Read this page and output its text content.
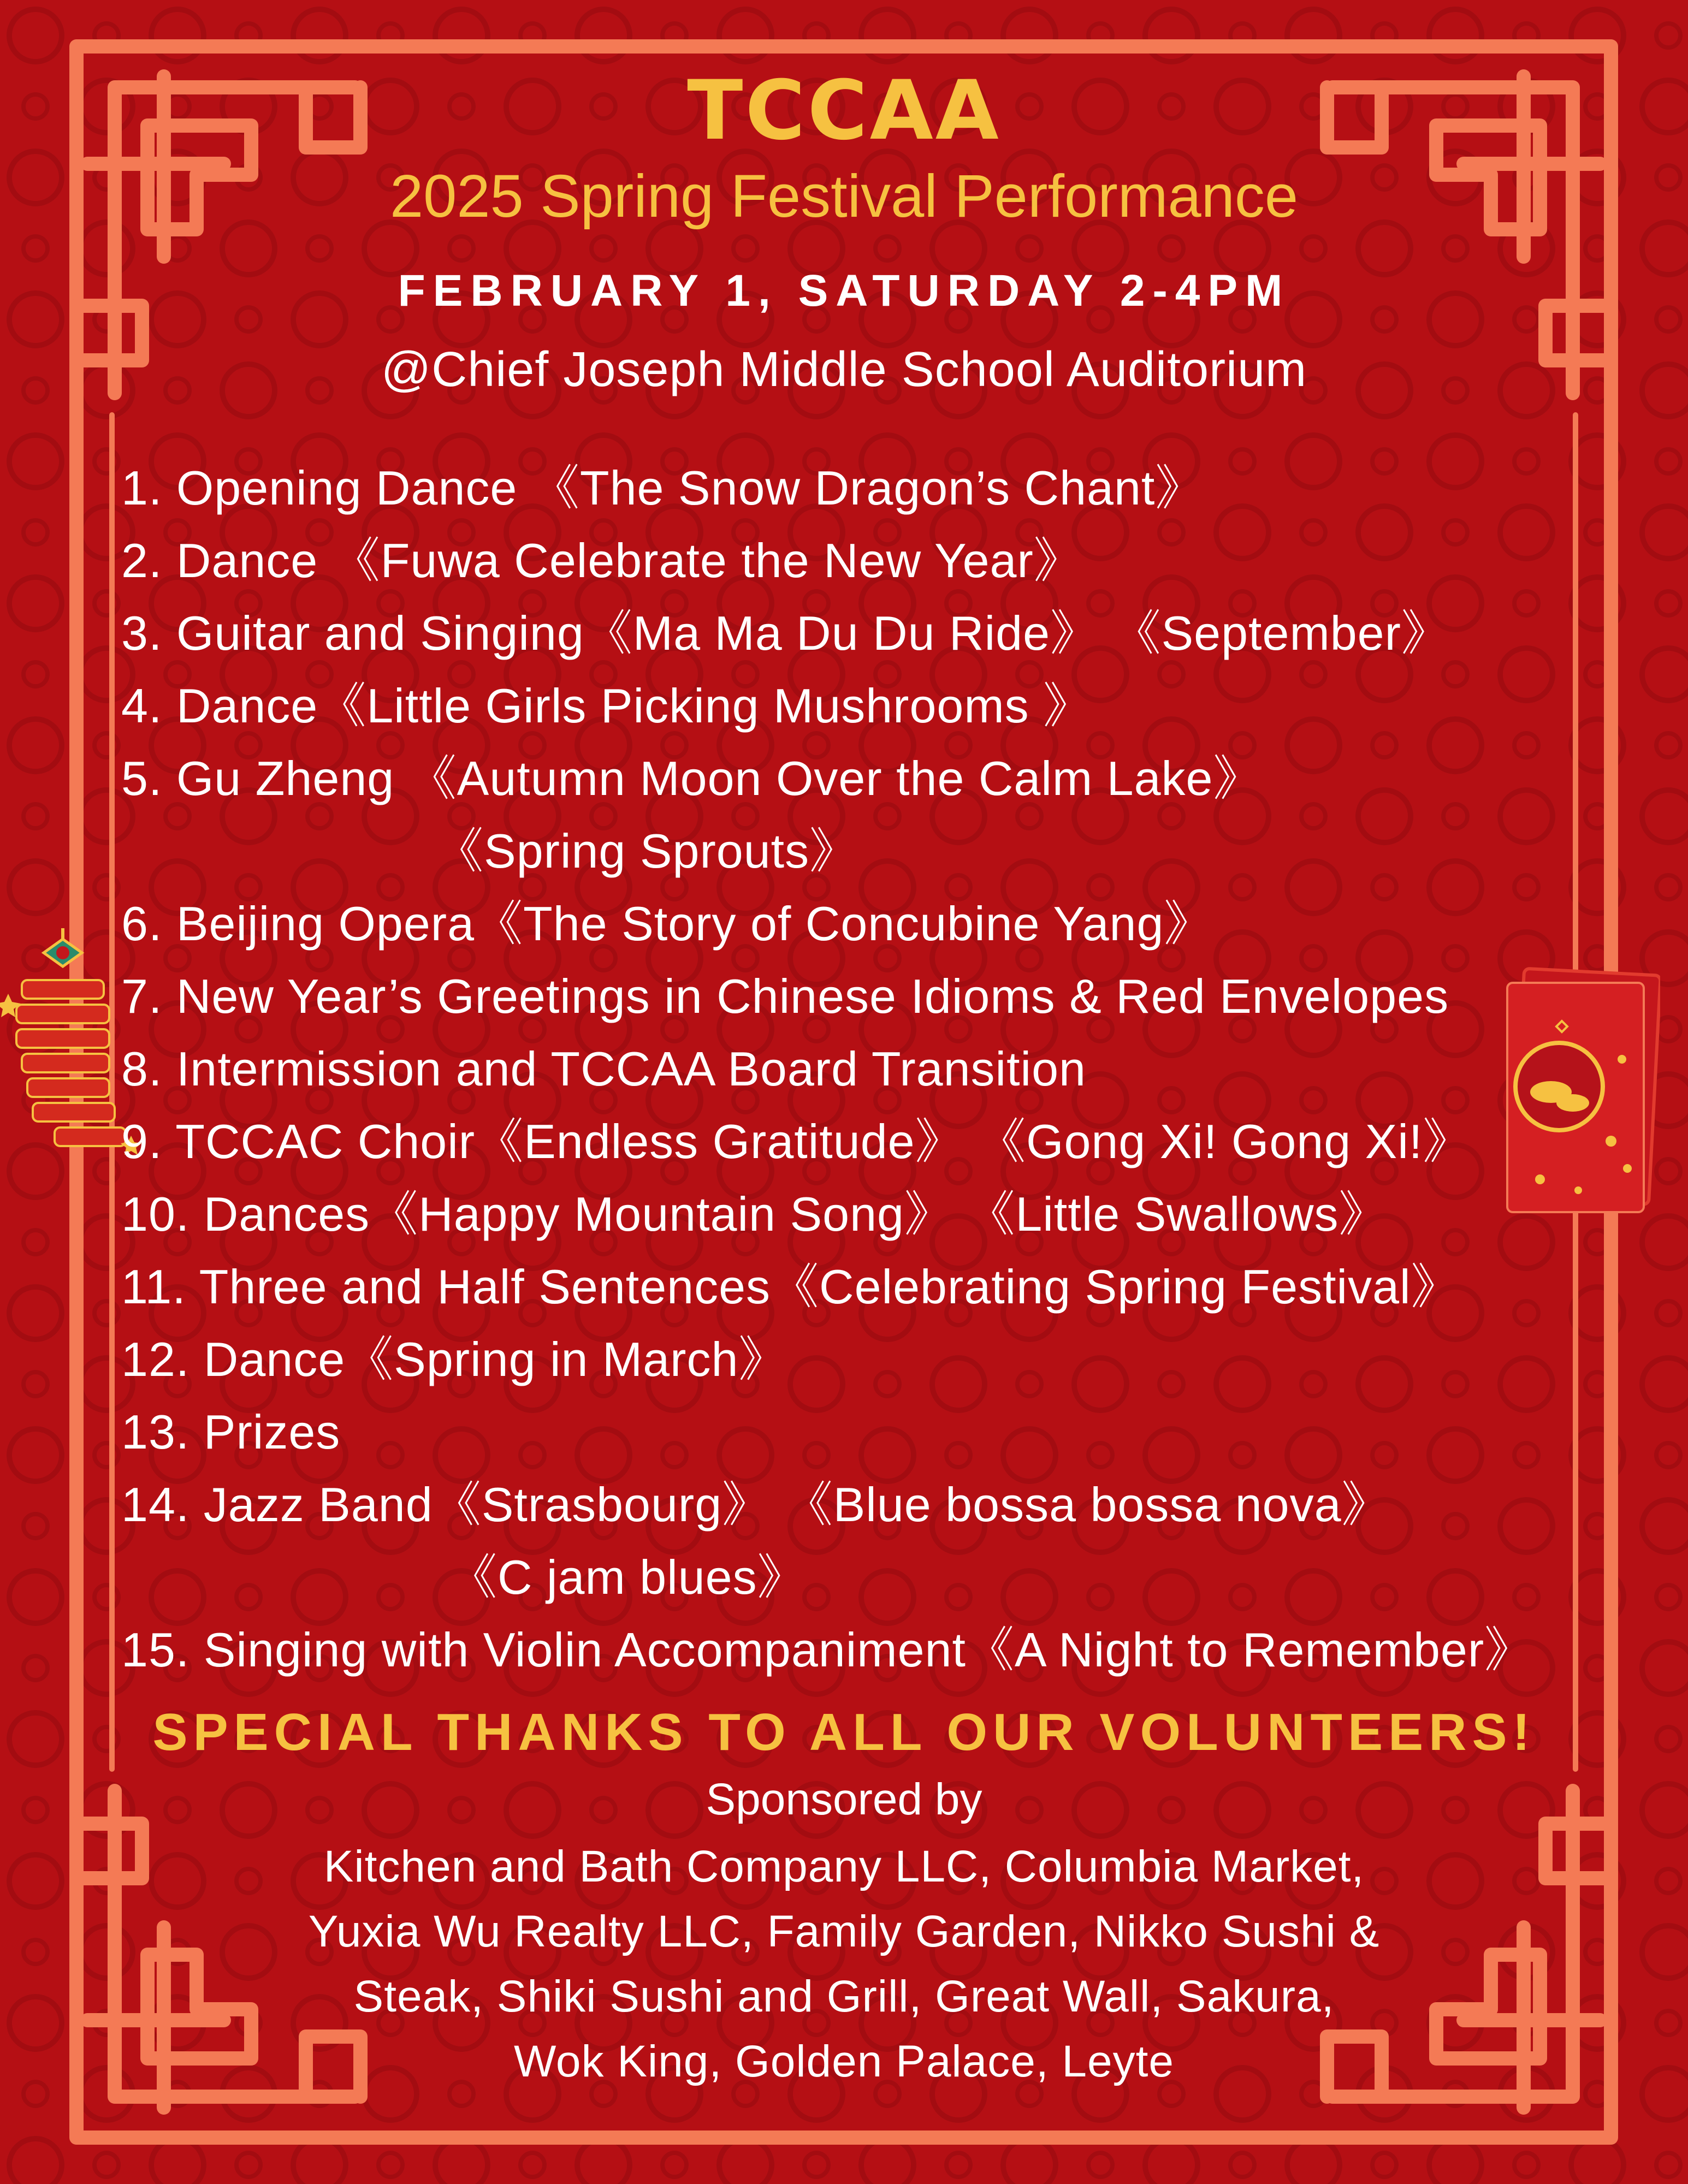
TCCAA
2025 Spring Festival Performance
FEBRUARY 1, SATURDAY 2-4PM
@Chief Joseph Middle School Auditorium
1. Opening Dance 《The Snow Dragon’s Chant》
2. Dance 《Fuwa Celebrate the New Year》
3. Guitar and Singing《Ma Ma Du Du Ride》 《September》
4. Dance《Little Girls Picking Mushrooms 》
5. Gu Zheng 《Autumn Moon Over the Calm Lake》
《Spring Sprouts》
6. Beijing Opera《The Story of Concubine Yang》
7. New Year’s Greetings in Chinese Idioms & Red Envelopes
8. Intermission and TCCAA Board Transition
9. TCCAC Choir《Endless Gratitude》 《Gong Xi! Gong Xi!》
10. Dances《Happy Mountain Song》 《Little Swallows》
11. Three and Half Sentences《Celebrating Spring Festival》
12. Dance《Spring in March》
13. Prizes
14. Jazz Band《Strasbourg》 《Blue bossa bossa nova》
《C jam blues》
15. Singing with Violin Accompaniment《A Night to Remember》
SPECIAL THANKS TO ALL OUR VOLUNTEERS!
Sponsored by
Kitchen and Bath Company LLC, Columbia Market,
Yuxia Wu Realty LLC, Family Garden, Nikko Sushi &
Steak, Shiki Sushi and Grill, Great Wall, Sakura,
Wok King, Golden Palace, Leyte
